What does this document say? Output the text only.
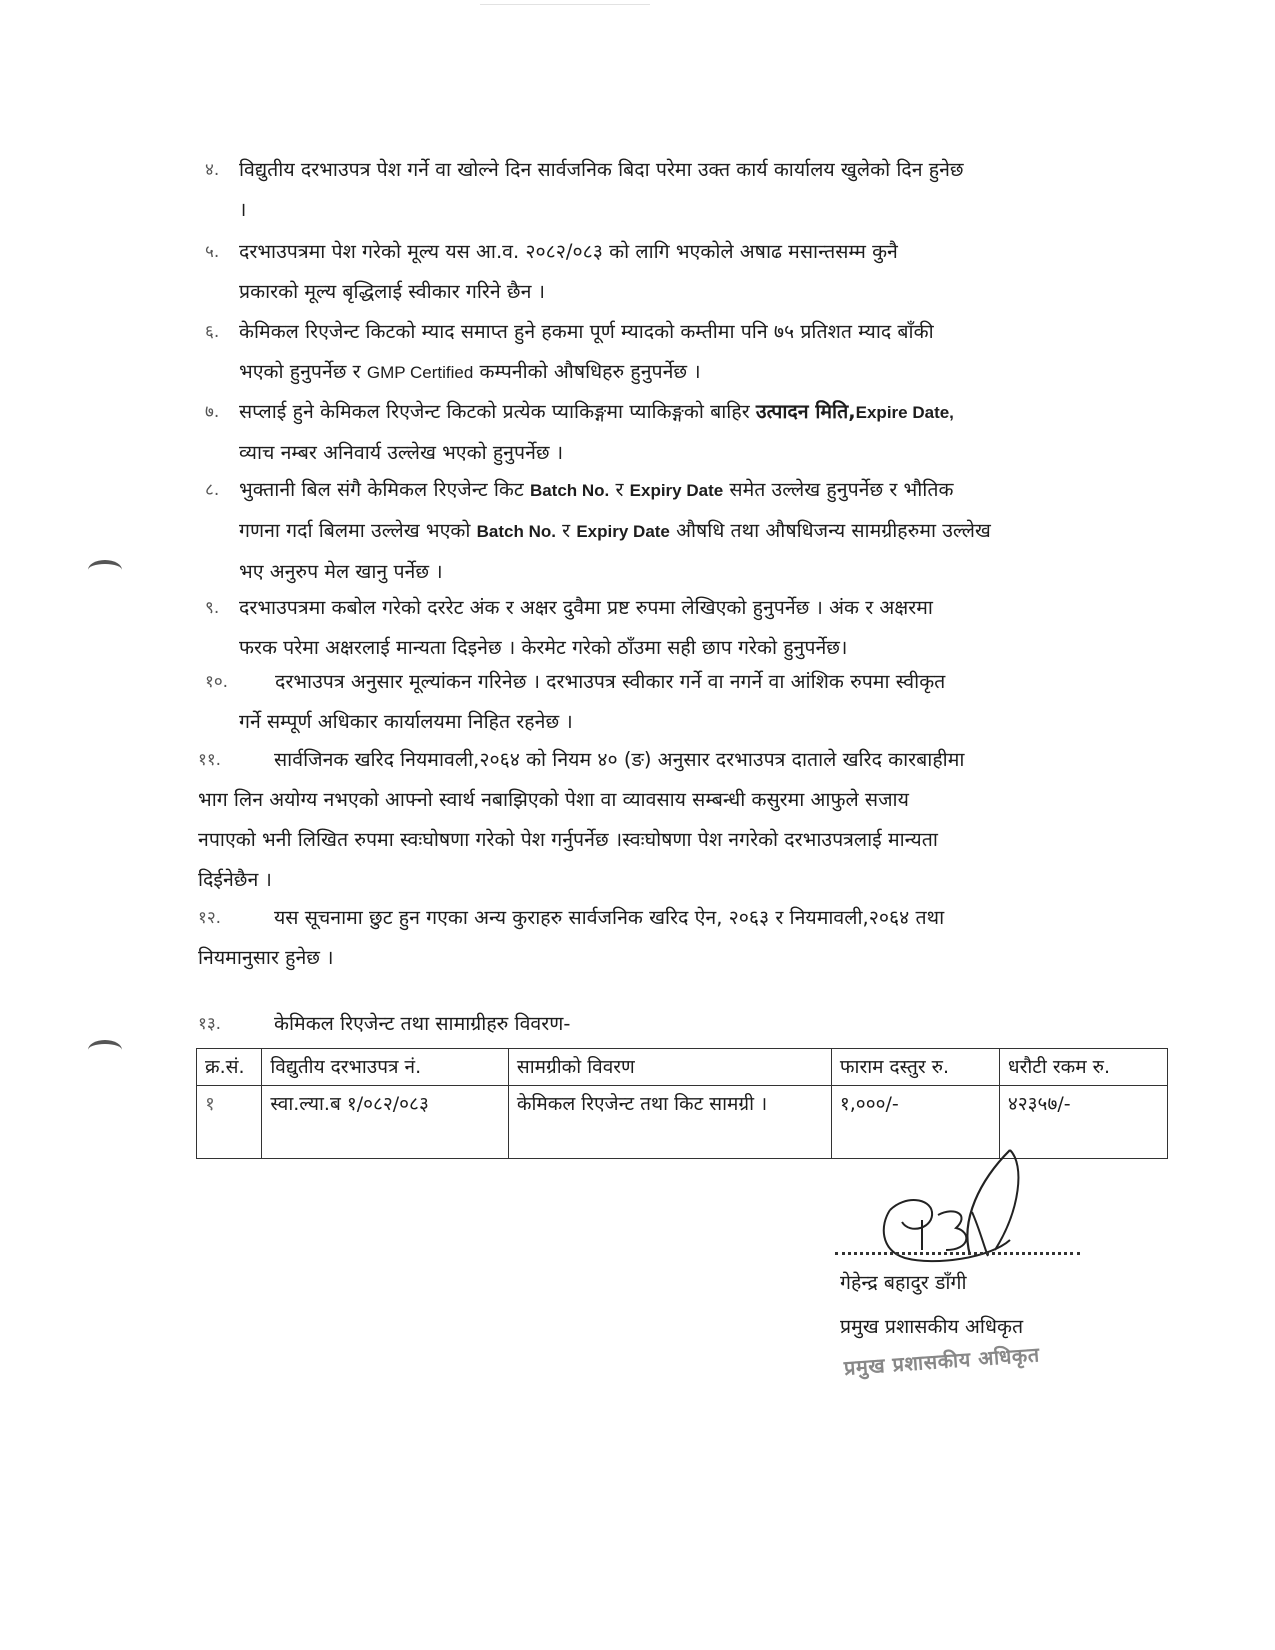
४.	विद्युतीय दरभाउपत्र पेश गर्ने वा खोल्ने दिन सार्वजनिक बिदा परेमा उक्त कार्य कार्यालय खुलेको दिन हुनेछ
।
५.	दरभाउपत्रमा पेश गरेको मूल्य यस आ.व. २०८२/०८३ को लागि भएकोले अषाढ मसान्तसम्म कुनै
प्रकारको मूल्य बृद्धिलाई स्वीकार गरिने छैन ।
६.	केमिकल रिएजेन्ट किटको म्याद समाप्त हुने हकमा पूर्ण म्यादको कम्तीमा पनि ७५ प्रतिशत म्याद बाँकी
भएको हुनुपर्नेछ र GMP Certified कम्पनीको औषधिहरु हुनुपर्नेछ ।
७.	सप्लाई हुने केमिकल रिएजेन्ट किटको प्रत्येक प्याकिङ्गमा प्याकिङ्गको बाहिर उत्पादन मिति,Expire Date,
व्याच नम्बर अनिवार्य उल्लेख भएको हुनुपर्नेछ ।
८.	भुक्तानी बिल संगै केमिकल रिएजेन्ट किट Batch No. र Expiry Date समेत उल्लेख हुनुपर्नेछ र भौतिक
गणना गर्दा बिलमा उल्लेख भएको Batch No. र Expiry Date औषधि तथा औषधिजन्य सामग्रीहरुमा उल्लेख
भए अनुरुप मेल खानु पर्नेछ ।
९.	दरभाउपत्रमा कबोल गरेको दररेट अंक र अक्षर दुवैमा प्रष्ट रुपमा लेखिएको हुनुपर्नेछ । अंक र अक्षरमा
फरक परेमा अक्षरलाई मान्यता दिइनेछ । केरमेट गरेको ठाँउमा सही छाप गरेको हुनुपर्नेछ।
१०.	दरभाउपत्र अनुसार मूल्यांकन गरिनेछ । दरभाउपत्र स्वीकार गर्ने वा नगर्ने वा आंशिक रुपमा स्वीकृत
गर्ने सम्पूर्ण अधिकार कार्यालयमा निहित रहनेछ ।
११.	सार्वजिनक खरिद नियमावली,२०६४ को नियम ४० (ङ) अनुसार दरभाउपत्र दाताले खरिद कारबाहीमा
भाग लिन अयोग्य नभएको आफ्नो स्वार्थ नबाझिएको पेशा वा व्यावसाय सम्बन्धी कसुरमा आफुले सजाय
नपाएको भनी लिखित रुपमा स्वःघोषणा गरेको पेश गर्नुपर्नेछ ।स्वःघोषणा पेश नगरेको दरभाउपत्रलाई मान्यता
दिईनेछैन ।
१२.	यस सूचनामा छुट हुन गएका अन्य कुराहरु सार्वजनिक खरिद ऐन, २०६३ र नियमावली,२०६४ तथा
नियमानुसार हुनेछ ।
१३.	केमिकल रिएजेन्ट तथा सामाग्रीहरु विवरण-
क्र.सं.	विद्युतीय दरभाउपत्र नं.	सामग्रीको विवरण	फाराम दस्तुर रु.	धरौटी रकम रु.
१	स्वा.ल्या.ब १/०८२/०८३	केमिकल रिएजेन्ट तथा किट सामग्री ।	१,०००/-	४२३५७/-
गेहेन्द्र बहादुर डाँगी
प्रमुख प्रशासकीय अधिकृत
प्रमुख प्रशासकीय अधिकृत
